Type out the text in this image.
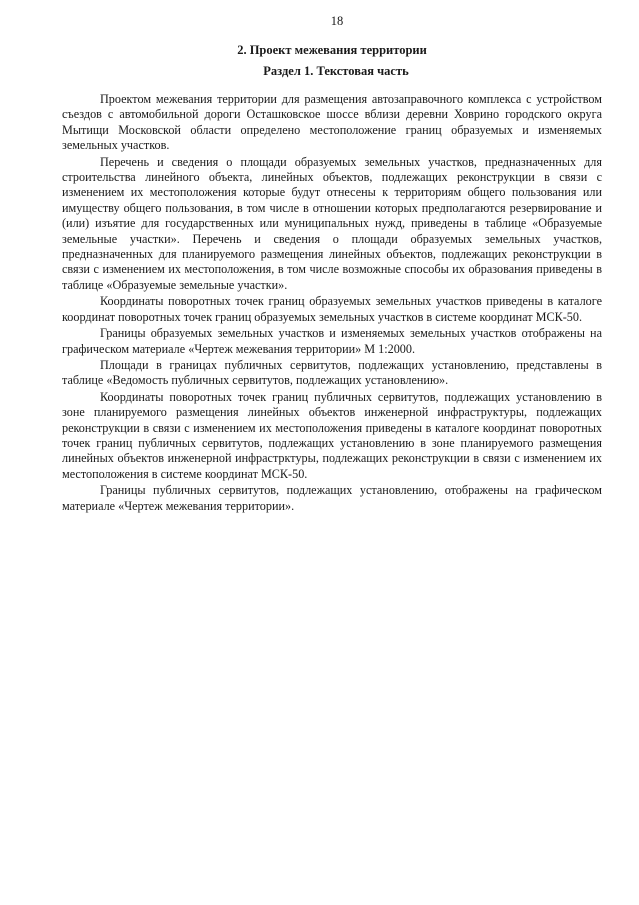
18
2. Проект межевания территории
Раздел 1. Текстовая часть

Проектом межевания территории для размещения автозаправочного комплекса с устройством съездов с автомобильной дороги Осташковское шоссе вблизи деревни Ховрино городского округа Мытищи Московской области определено местоположение границ образуемых и изменяемых земельных участков.

Перечень и сведения о площади образуемых земельных участков, предназначенных для строительства линейного объекта, линейных объектов, подлежащих реконструкции в связи с изменением их местоположения которые будут отнесены к территориям общего пользования или имуществу общего пользования, в том числе в отношении которых предполагаются резервирование и (или) изъятие для государственных или муниципальных нужд, приведены в таблице «Образуемые земельные участки». Перечень и сведения о площади образуемых земельных участков, предназначенных для планируемого размещения линейных объектов, подлежащих реконструкции в связи с изменением их местоположения, в том числе возможные способы их образования приведены в таблице «Образуемые земельные участки».

Координаты поворотных точек границ образуемых земельных участков приведены в каталоге координат поворотных точек границ образуемых земельных участков в системе координат МСК-50.

Границы образуемых земельных участков и изменяемых земельных участков отображены на графическом материале «Чертеж межевания территории» М 1:2000.

Площади в границах публичных сервитутов, подлежащих установлению, представлены в таблице «Ведомость публичных сервитутов, подлежащих установлению».

Координаты поворотных точек границ публичных сервитутов, подлежащих установлению в зоне планируемого размещения линейных объектов инженерной инфраструктуры, подлежащих реконструкции в связи с изменением их местоположения приведены в каталоге координат поворотных точек границ публичных сервитутов, подлежащих установлению в зоне планируемого размещения линейных объектов инженерной инфрастрктуры, подлежащих реконструкции в связи с изменением их местоположения в системе координат МСК-50.

Границы публичных сервитутов, подлежащих установлению, отображены на графическом материале «Чертеж межевания территории».
